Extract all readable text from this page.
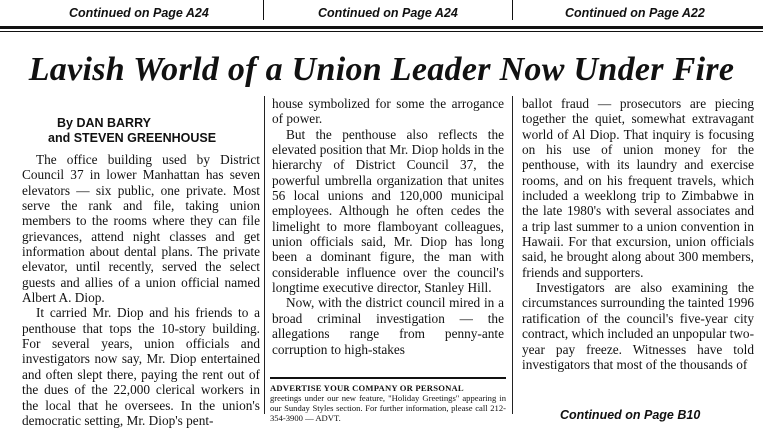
Continued on Page A24	Continued on Page A24	Continued on Page A22
Lavish World of a Union Leader Now Under Fire
By DAN BARRY
and STEVEN GREENHOUSE

The office building used by District Council 37 in lower Manhattan has seven elevators — six public, one private. Most serve the rank and file, taking union members to the rooms where they can file grievances, attend night classes and get information about dental plans. The private elevator, until recently, served the select guests and allies of a union official named Albert A. Diop.

It carried Mr. Diop and his friends to a penthouse that tops the 10-story building. For several years, union officials and investigators now say, Mr. Diop entertained and often slept there, paying the rent out of the dues of the 22,000 clerical workers in the local that he oversees. In the union's democratic setting, Mr. Diop's pent-

house symbolized for some the arrogance of power.

But the penthouse also reflects the elevated position that Mr. Diop holds in the hierarchy of District Council 37, the powerful umbrella organization that unites 56 local unions and 120,000 municipal employees. Although he often cedes the limelight to more flamboyant colleagues, union officials said, Mr. Diop has long been a dominant figure, the man with considerable influence over the council's longtime executive director, Stanley Hill.

Now, with the district council mired in a broad criminal investigation — the allegations range from penny-ante corruption to high-stakes

ballot fraud — prosecutors are piecing together the quiet, somewhat extravagant world of Al Diop. That inquiry is focusing on his use of union money for the penthouse, with its laundry and exercise rooms, and on his frequent travels, which included a weeklong trip to Zimbabwe in the late 1980's with several associates and a trip last summer to a union convention in Hawaii. For that excursion, union officials said, he brought along about 300 members, friends and supporters.

Investigators are also examining the circumstances surrounding the tainted 1996 ratification of the council's five-year city contract, which included an unpopular two-year pay freeze. Witnesses have told investigators that most of the thousands of

ADVERTISE YOUR COMPANY OR PERSONAL
greetings under our new feature, "Holiday Greetings" appearing in our Sunday Styles section. For further information, please call 212-354-3900 — ADVT.	Continued on Page B10
